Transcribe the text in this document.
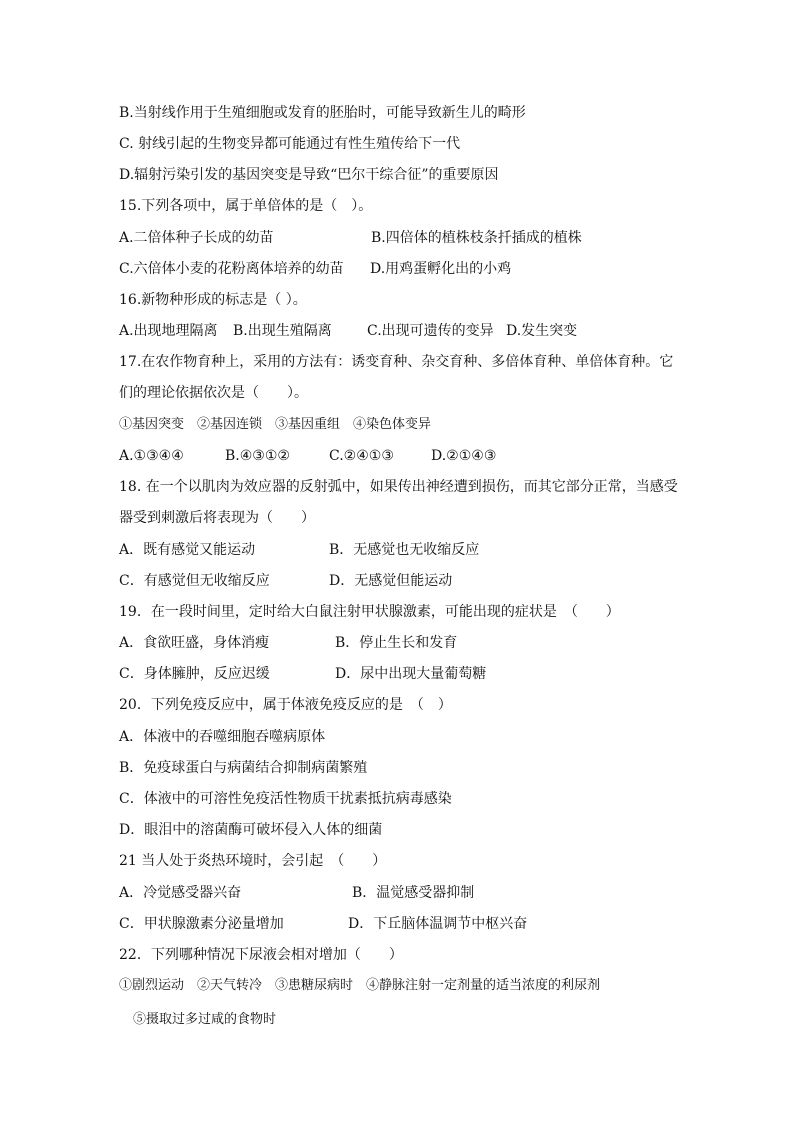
B.当射线作用于生殖细胞或发育的胚胎时，可能导致新生儿的畸形
C. 射线引起的生物变异都可能通过有性生殖传给下一代
D.辐射污染引发的基因突变是导致“巴尔干综合征”的重要原因
15.下列各项中，属于单倍体的是（　）。
A.二倍体种子长成的幼苗	B.四倍体的植株枝条扦插成的植株
C.六倍体小麦的花粉离体培养的幼苗 D.用鸡蛋孵化出的小鸡
16.新物种形成的标志是（ ）。
A.出现地理隔离 B.出现生殖隔离	C.出现可遗传的变异 D.发生突变
17.在农作物育种上，采用的方法有：诱变育种、杂交育种、多倍体育种、单倍体育种。它
们的理论依据依次是（　　）。
①基因突变　②基因连锁　③基因重组　④染色体变异
A.①③④④	B.④③①②	C.②④①③	D.②①④③
18. 在一个以肌肉为效应器的反射弧中，如果传出神经遭到损伤，而其它部分正常，当感受
器受到刺激后将表现为（　　）
A．既有感觉又能运动	B．无感觉也无收缩反应
C．有感觉但无收缩反应	D．无感觉但能运动
19．在一段时间里，定时给大白鼠注射甲状腺激素，可能出现的症状是　（　　）
A．食欲旺盛，身体消瘦	B．停止生长和发育
C．身体臃肿，反应迟缓	D．尿中出现大量葡萄糖
20．下列免疫反应中，属于体液免疫反应的是　（　）
A．体液中的吞噬细胞吞噬病原体
B．免疫球蛋白与病菌结合抑制病菌繁殖
C．体液中的可溶性免疫活性物质干扰素抵抗病毒感染
D．眼泪中的溶菌酶可破坏侵入人体的细菌
21 当人处于炎热环境时，会引起　（　　）
A．冷觉感受器兴奋	B．温觉感受器抑制
C．甲状腺激素分泌量增加	D．下丘脑体温调节中枢兴奋
22．下列哪种情况下尿液会相对增加（　　）
①剧烈运动　②天气转冷　③患糖尿病时　④静脉注射一定剂量的适当浓度的利尿剂
⑤摄取过多过咸的食物时
